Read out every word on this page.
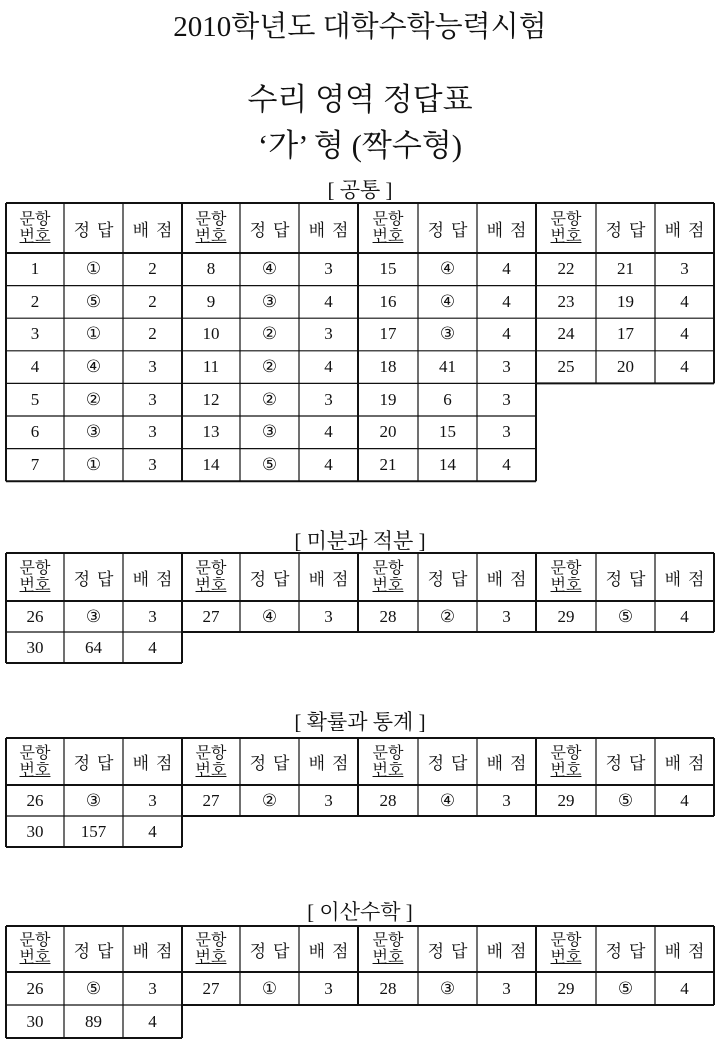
2010학년도 대학수학능력시험
수리 영역 정답표
‘가’ 형 (짝수형)
[ 공통 ]
[ 미분과 적분 ]
[ 확률과 통계 ]
[ 이산수학 ]
문항
번호	정답 배점
1	①	2
2	⑤	2
3	①	2
4	④	3
5	②	3
6	③	3
7	①	3
문항
번호	정답 배점
8	④	3
9	③	4
10	②	3
11	②	4
12	②	3
13	③	4
14	⑤	4
문항
번호	정답 배점
15	④	4
16	④	4
17	③	4
18	41	3
19	6	3
20	15	3
21	14	4
문항
번호	정답 배점
22	21	3
23	19	4
24	17	4
25	20	4
문항
번호	정답 배점
26	③	3
30	64	4
문항
번호	정답 배점
27	④	3
문항
번호	정답 배점
28	②	3
문항
번호	정답 배점
29	⑤	4
문항
번호	정답 배점
26	③	3
30	157	4
문항
번호	정답 배점
27	②	3
문항
번호	정답 배점
28	④	3
문항
번호	정답 배점
29	⑤	4
문항
번호	정답 배점
26	⑤	3
30	89	4
문항
번호	정답 배점
27	①	3
문항
번호	정답 배점
28	③	3
문항
번호	정답 배점
29	⑤	4
